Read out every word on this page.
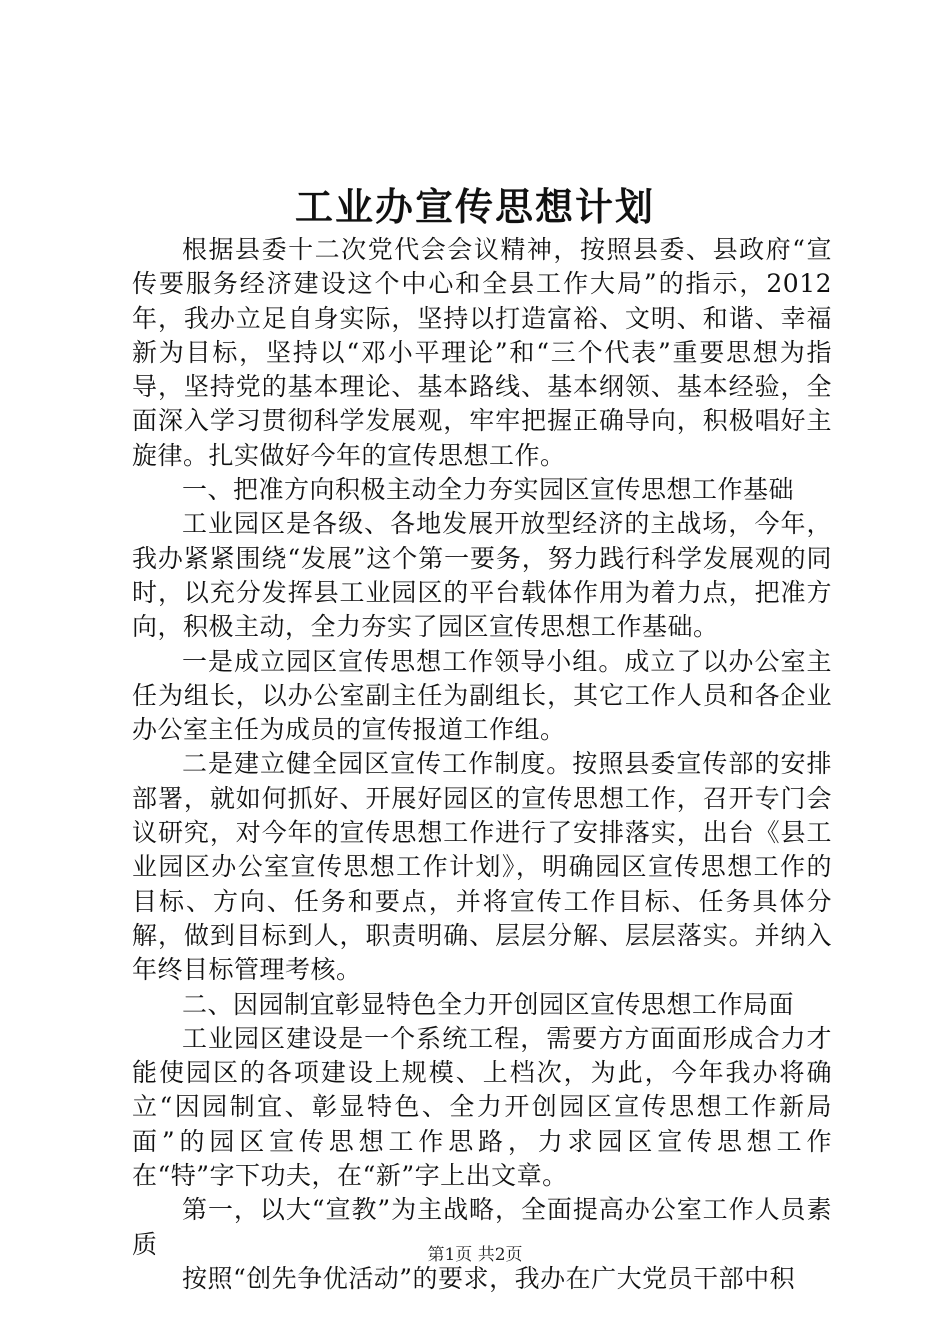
工业办宣传思想计划

根据县委十二次党代会会议精神，按照县委、县政府“宣传要服务经济建设这个中心和全县工作大局”的指示，2012年，我办立足自身实际，坚持以打造富裕、文明、和谐、幸福新为目标，坚持以“邓小平理论”和“三个代表”重要思想为指导，坚持党的基本理论、基本路线、基本纲领、基本经验，全面深入学习贯彻科学发展观，牢牢把握正确导向，积极唱好主旋律。扎实做好今年的宣传思想工作。

一、把准方向积极主动全力夯实园区宣传思想工作基础

工业园区是各级、各地发展开放型经济的主战场，今年，我办紧紧围绕“发展”这个第一要务，努力践行科学发展观的同时，以充分发挥县工业园区的平台载体作用为着力点，把准方向，积极主动，全力夯实了园区宣传思想工作基础。

一是成立园区宣传思想工作领导小组。成立了以办公室主任为组长，以办公室副主任为副组长，其它工作人员和各企业办公室主任为成员的宣传报道工作组。

二是建立健全园区宣传工作制度。按照县委宣传部的安排部署，就如何抓好、开展好园区的宣传思想工作，召开专门会议研究，对今年的宣传思想工作进行了安排落实，出台《县工业园区办公室宣传思想工作计划》，明确园区宣传思想工作的目标、方向、任务和要点，并将宣传工作目标、任务具体分解，做到目标到人，职责明确、层层分解、层层落实。并纳入年终目标管理考核。

二、因园制宜彰显特色全力开创园区宣传思想工作局面

工业园区建设是一个系统工程，需要方方面面形成合力才能使园区的各项建设上规模、上档次，为此，今年我办将确立“因园制宜、彰显特色、全力开创园区宣传思想工作新局面”的园区宣传思想工作思路，力求园区宣传思想工作在“特”字下功夫，在“新”字上出文章。

第一，以大“宣教”为主战略，全面提高办公室工作人员素质

按照“创先争优活动”的要求，我办在广大党员干部中积

第1页 共2页
